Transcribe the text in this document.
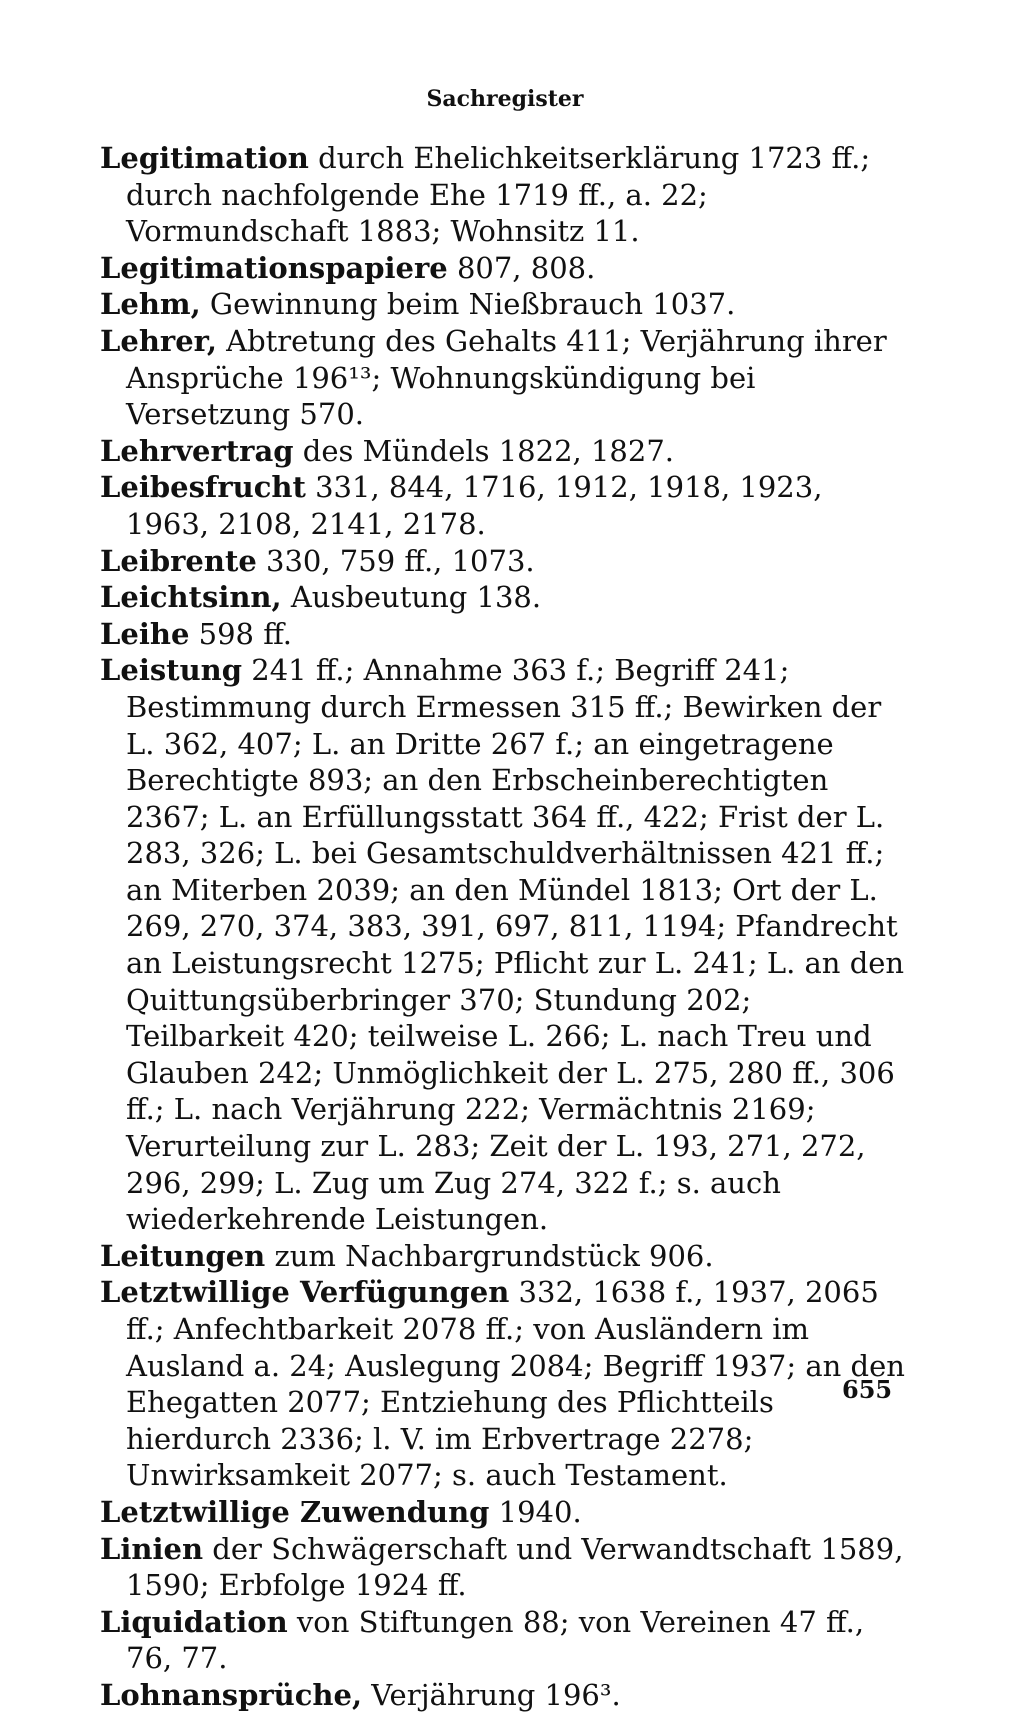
Sachregister

Legitimation durch Ehelichkeitserklärung 1723 ff.; durch nachfolgende Ehe 1719 ff., a. 22; Vormundschaft 1883; Wohnsitz 11.

Legitimationspapiere 807, 808.

Lehm, Gewinnung beim Nießbrauch 1037.

Lehrer, Abtretung des Gehalts 411; Verjährung ihrer Ansprüche 196¹³; Wohnungskündigung bei Versetzung 570.

Lehrvertrag des Mündels 1822, 1827.

Leibesfrucht 331, 844, 1716, 1912, 1918, 1923, 1963, 2108, 2141, 2178.

Leibrente 330, 759 ff., 1073.

Leichtsinn, Ausbeutung 138.

Leihe 598 ff.

Leistung 241 ff.; Annahme 363 f.; Begriff 241; Bestimmung durch Ermessen 315 ff.; Bewirken der L. 362, 407; L. an Dritte 267 f.; an eingetragene Berechtigte 893; an den Erbscheinberechtigten 2367; L. an Erfüllungsstatt 364 ff., 422; Frist der L. 283, 326; L. bei Gesamtschuldverhältnissen 421 ff.; an Miterben 2039; an den Mündel 1813; Ort der L. 269, 270, 374, 383, 391, 697, 811, 1194; Pfandrecht an Leistungsrecht 1275; Pflicht zur L. 241; L. an den Quittungsüberbringer 370; Stundung 202; Teilbarkeit 420; teilweise L. 266; L. nach Treu und Glauben 242; Unmöglichkeit der L. 275, 280 ff., 306 ff.; L. nach Verjährung 222; Vermächtnis 2169; Verurteilung zur L. 283; Zeit der L. 193, 271, 272, 296, 299; L. Zug um Zug 274, 322 f.; s. auch wiederkehrende Leistungen.

Leitungen zum Nachbargrundstück 906.

Letztwillige Verfügungen 332, 1638 f., 1937, 2065 ff.; Anfechtbarkeit 2078 ff.; von Ausländern im Ausland a. 24; Auslegung 2084; Begriff 1937; an den Ehegatten 2077; Entziehung des Pflichtteils hierdurch 2336; l. V. im Erbvertrage 2278; Unwirksamkeit 2077; s. auch Testament.

Letztwillige Zuwendung 1940.

Linien der Schwägerschaft und Verwandtschaft 1589, 1590; Erbfolge 1924 ff.

Liquidation von Stiftungen 88; von Vereinen 47 ff., 76, 77.

Lohnansprüche, Verjährung 196³.

655
